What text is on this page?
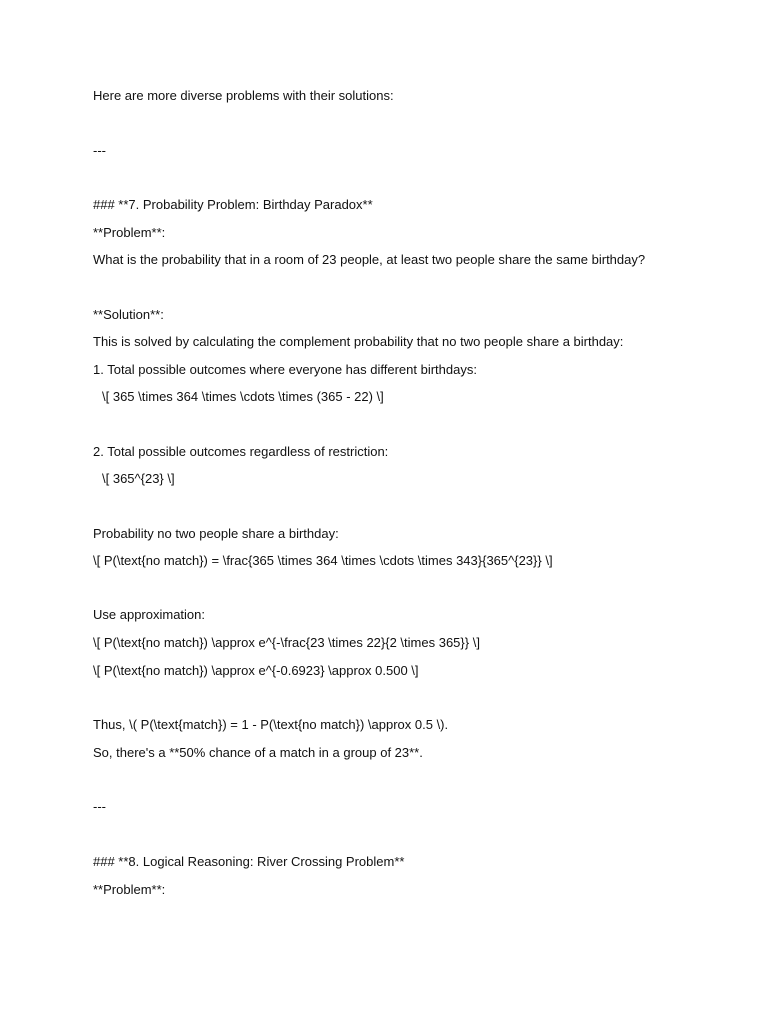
Here are more diverse problems with their solutions:
---
### **7. Probability Problem: Birthday Paradox**
**Problem**:
What is the probability that in a room of 23 people, at least two people share the same birthday?
**Solution**:
This is solved by calculating the complement probability that no two people share a birthday:
1. Total possible outcomes where everyone has different birthdays:
\[ 365 \times 364 \times \cdots \times (365 - 22) \]
2. Total possible outcomes regardless of restriction:
\[ 365^{23} \]
Probability no two people share a birthday:
\[ P(\text{no match}) = \frac{365 \times 364 \times \cdots \times 343}{365^{23}} \]
Use approximation:
\[ P(\text{no match}) \approx e^{-\frac{23 \times 22}{2 \times 365}} \]
\[ P(\text{no match}) \approx e^{-0.6923} \approx 0.500 \]
Thus, \( P(\text{match}) = 1 - P(\text{no match}) \approx 0.5 \).
So, there's a **50% chance of a match in a group of 23**.
---
### **8. Logical Reasoning: River Crossing Problem**
**Problem**:
